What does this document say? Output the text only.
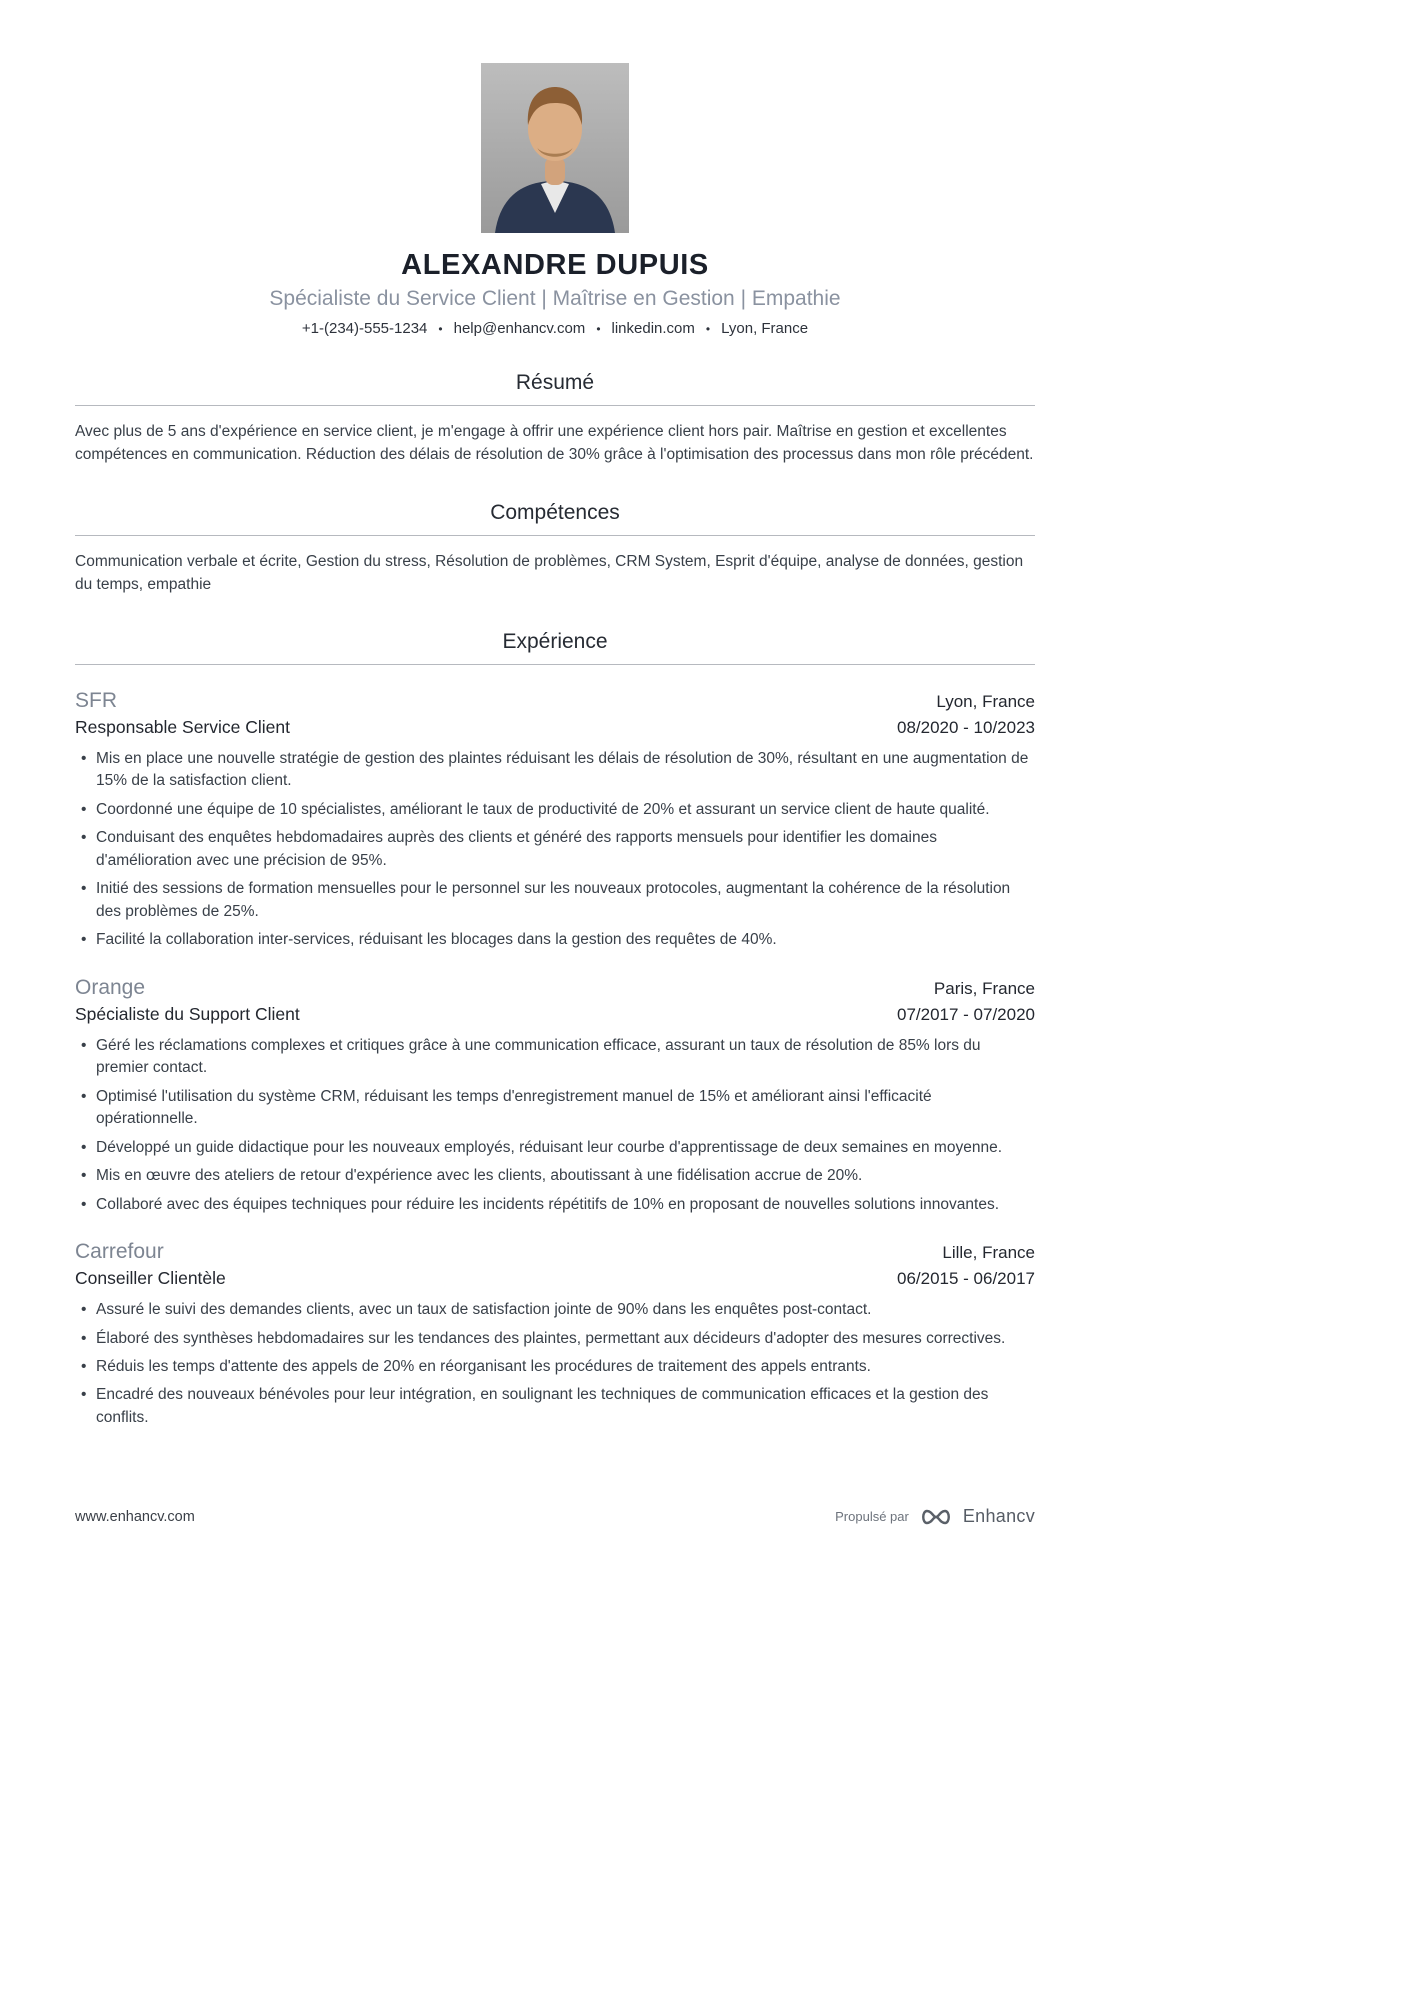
ALEXANDRE DUPUIS
Spécialiste du Service Client | Maîtrise en Gestion | Empathie
+1-(234)-555-1234 • help@enhancv.com • linkedin.com • Lyon, France
Résumé

Avec plus de 5 ans d'expérience en service client, je m'engage à offrir une expérience client hors pair. Maîtrise en gestion et excellentes compétences en communication. Réduction des délais de résolution de 30% grâce à l'optimisation des processus dans mon rôle précédent.

Compétences

Communication verbale et écrite, Gestion du stress, Résolution de problèmes, CRM System, Esprit d'équipe, analyse de données, gestion du temps, empathie

Expérience
SFR	Lyon, France
Responsable Service Client	08/2020 - 10/2023
• Mis en place une nouvelle stratégie de gestion des plaintes réduisant les délais de résolution de 30%, résultant en une augmentation de 15% de la satisfaction client.
• Coordonné une équipe de 10 spécialistes, améliorant le taux de productivité de 20% et assurant un service client de haute qualité.
• Conduisant des enquêtes hebdomadaires auprès des clients et généré des rapports mensuels pour identifier les domaines d'amélioration avec une précision de 95%.
• Initié des sessions de formation mensuelles pour le personnel sur les nouveaux protocoles, augmentant la cohérence de la résolution des problèmes de 25%.
• Facilité la collaboration inter-services, réduisant les blocages dans la gestion des requêtes de 40%.
Orange	Paris, France
Spécialiste du Support Client	07/2017 - 07/2020
• Géré les réclamations complexes et critiques grâce à une communication efficace, assurant un taux de résolution de 85% lors du premier contact.
• Optimisé l'utilisation du système CRM, réduisant les temps d'enregistrement manuel de 15% et améliorant ainsi l'efficacité opérationnelle.
• Développé un guide didactique pour les nouveaux employés, réduisant leur courbe d'apprentissage de deux semaines en moyenne.
• Mis en œuvre des ateliers de retour d'expérience avec les clients, aboutissant à une fidélisation accrue de 20%.
• Collaboré avec des équipes techniques pour réduire les incidents répétitifs de 10% en proposant de nouvelles solutions innovantes.
Carrefour	Lille, France
Conseiller Clientèle	06/2015 - 06/2017
• Assuré le suivi des demandes clients, avec un taux de satisfaction jointe de 90% dans les enquêtes post-contact.
• Élaboré des synthèses hebdomadaires sur les tendances des plaintes, permettant aux décideurs d'adopter des mesures correctives.
• Réduis les temps d'attente des appels de 20% en réorganisant les procédures de traitement des appels entrants.
• Encadré des nouveaux bénévoles pour leur intégration, en soulignant les techniques de communication efficaces et la gestion des conflits.
www.enhancv.com	Propulsé par	Enhancv
